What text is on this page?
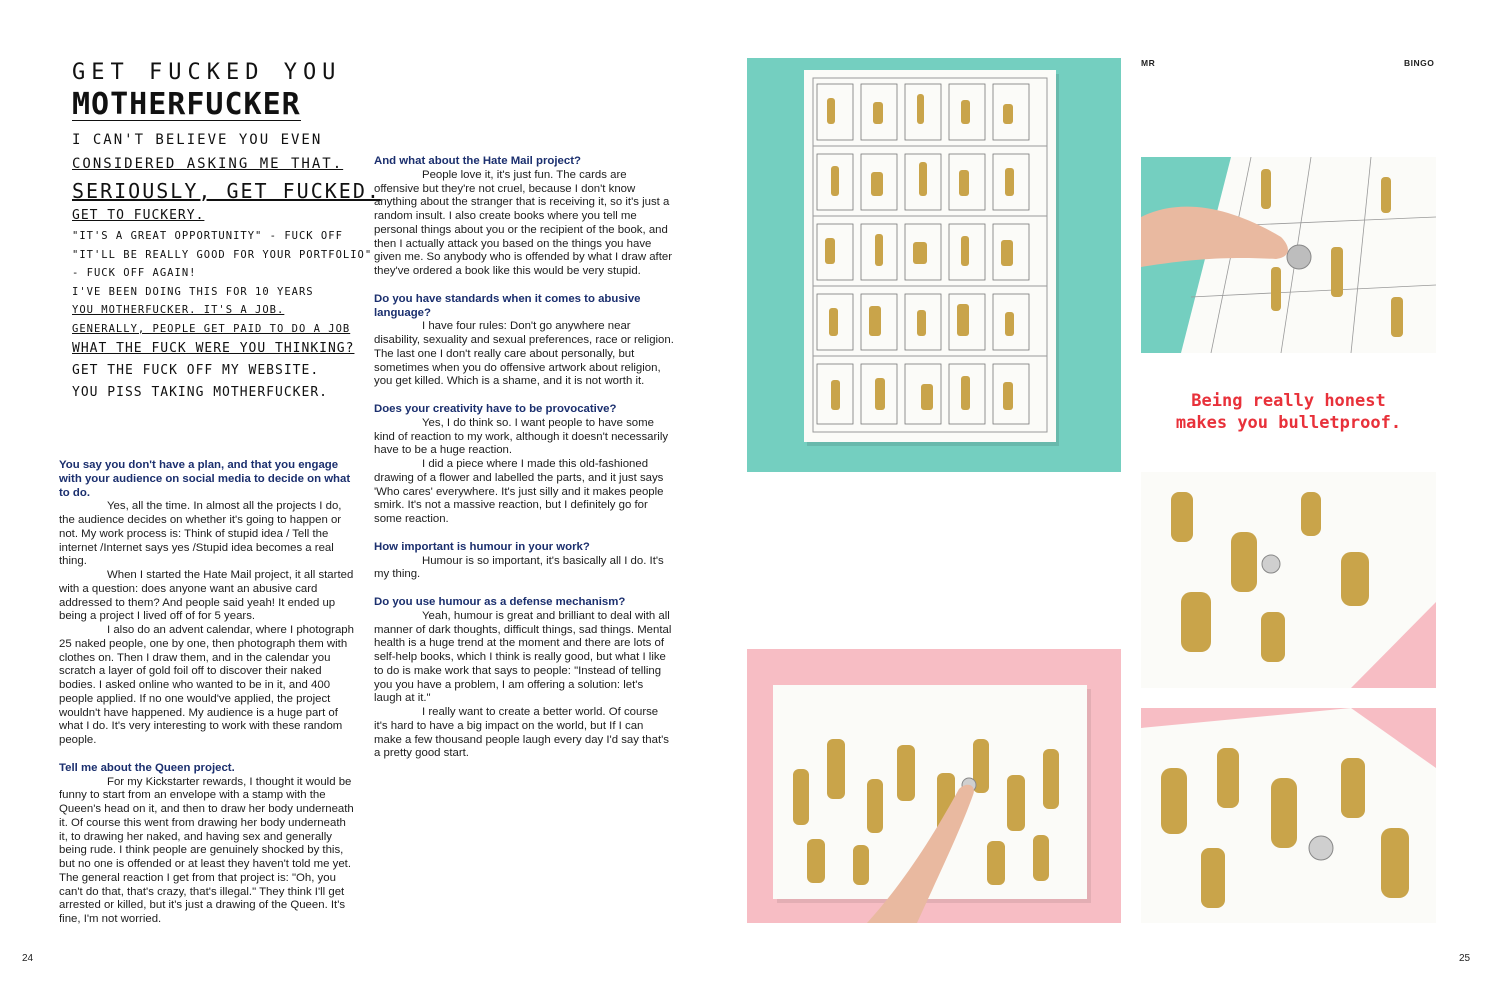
GET FUCKED YOU
MOTHERFUCKER
I CAN'T BELIEVE YOU EVEN
CONSIDERED ASKING ME THAT.
SERIOUSLY, GET FUCKED.
GET TO FUCKERY.
"IT'S A GREAT OPPORTUNITY" - FUCK OFF
"IT'LL BE REALLY GOOD FOR YOUR PORTFOLIO"
- FUCK OFF AGAIN!
I'VE BEEN DOING THIS FOR 10 YEARS
YOU MOTHERFUCKER. IT'S A JOB.
GENERALLY, PEOPLE GET PAID TO DO A JOB
WHAT THE FUCK WERE YOU THINKING?
GET THE FUCK OFF MY WEBSITE.
YOU PISS TAKING MOTHERFUCKER.

You say you don't have a plan, and that you engage with your audience on social media to decide on what to do.

Yes, all the time. In almost all the projects I do, the audience decides on whether it's going to happen or not. My work process is: Think of stupid idea / Tell the internet /Internet says yes /Stupid idea becomes a real thing.

When I started the Hate Mail project, it all started with a question: does anyone want an abusive card addressed to them? And people said yeah! It ended up being a project I lived off of for 5 years.

I also do an advent calendar, where I photograph 25 naked people, one by one, then photograph them with clothes on. Then I draw them, and in the calendar you scratch a layer of gold foil off to discover their naked bodies. I asked online who wanted to be in it, and 400 people applied. If no one would've applied, the project wouldn't have happened. My audience is a huge part of what I do. It's very interesting to work with these random people.

Tell me about the Queen project.

For my Kickstarter rewards, I thought it would be funny to start from an envelope with a stamp with the Queen's head on it, and then to draw her body underneath it. Of course this went from drawing her body underneath it, to drawing her naked, and having sex and generally being rude. I think people are genuinely shocked by this, but no one is offended or at least they haven't told me yet. The general reaction I get from that project is: "Oh, you can't do that, that's crazy, that's illegal." They think I'll get arrested or killed, but it's just a drawing of the Queen. It's fine, I'm not worried.

And what about the Hate Mail project?

People love it, it's just fun. The cards are offensive but they're not cruel, because I don't know anything about the stranger that is receiving it, so it's just a random insult. I also create books where you tell me personal things about you or the recipient of the book, and then I actually attack you based on the things you have given me. So anybody who is offended by what I draw after they've ordered a book like this would be very stupid.

Do you have standards when it comes to abusive language?

I have four rules: Don't go anywhere near disability, sexuality and sexual preferences, race or religion. The last one I don't really care about personally, but sometimes when you do offensive artwork about religion, you get killed. Which is a shame, and it is not worth it.

Does your creativity have to be provocative?

Yes, I do think so. I want people to have some kind of reaction to my work, although it doesn't necessarily have to be a huge reaction.

I did a piece where I made this old-fashioned drawing of a flower and labelled the parts, and it just says 'Who cares' everywhere. It's just silly and it makes people smirk. It's not a massive reaction, but I definitely go for some reaction.

How important is humour in your work?

Humour is so important, it's basically all I do. It's my thing.

Do you use humour as a defense mechanism?

Yeah, humour is great and brilliant to deal with all manner of dark thoughts, difficult things, sad things. Mental health is a huge trend at the moment and there are lots of self-help books, which I think is really good, but what I like to do is make work that says to people: "Instead of telling you you have a problem, I am offering a solution: let's laugh at it."

I really want to create a better world. Of course it's hard to have a big impact on the world, but If I can make a few thousand people laugh every day I'd say that's a pretty good start.

24
MR	BINGO
Being really honest
makes you bulletproof.
25
